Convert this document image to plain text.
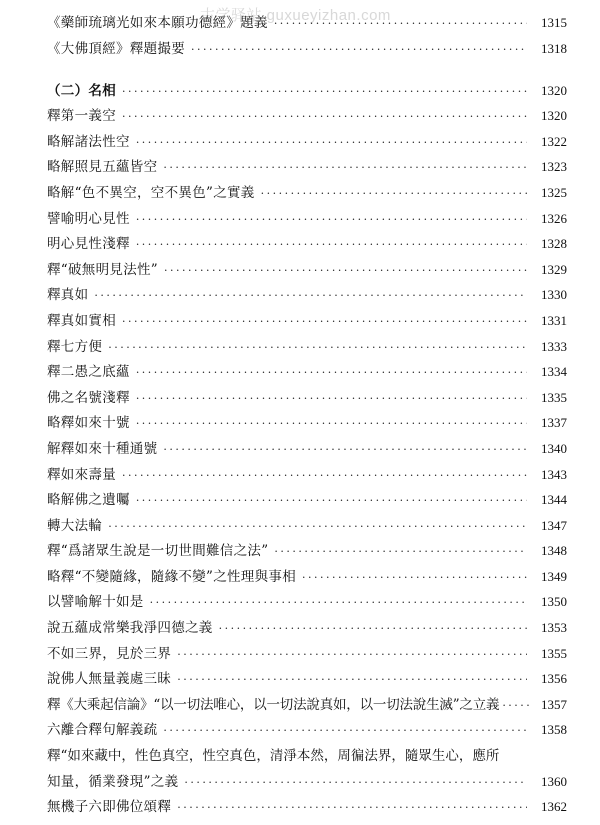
古学驿站 guxueyizhan.com
《藥師琉璃光如來本願功德經》題義 ·····	1315
《大佛頂經》釋題撮要 ·····	1318
（二）名相 ·····	1320
釋第一義空 ·····	1320
略解諸法性空 ·····	1322
略解照見五蘊皆空 ·····	1323
略解“色不異空，空不異色”之實義 ·····	1325
譬喻明心見性 ·····	1326
明心見性淺釋 ·····	1328
釋“破無明見法性” ·····	1329
釋真如 ·····	1330
釋真如實相 ·····	1331
釋七方便 ·····	1333
釋二愚之底蘊 ·····	1334
佛之名號淺釋 ·····	1335
略釋如來十號 ·····	1337
解釋如來十種通號 ·····	1340
釋如來壽量 ·····	1343
略解佛之遺囑 ·····	1344
轉大法輪 ·····	1347
釋“爲諸眾生說是一切世間難信之法” ·····	1348
略釋“不變隨緣，隨緣不變”之性理與事相 ·····	1349
以譬喻解十如是 ·····	1350
說五蘊成常樂我淨四德之義 ·····	1353
不如三界，見於三界 ·····	1355
說佛人無量義處三昧 ·····	1356
釋《大乘起信論》“以一切法唯心，以一切法說真如，以一切法說生滅”之立義 ·····	1357
六離合釋句解義疏 ·····	1358
釋“如來藏中，性色真空，性空真色，清淨本然，周徧法界，隨眾生心，應所
知量，循業發現”之義 ·····	1360
無機子六即佛位頌釋 ·····	1362
